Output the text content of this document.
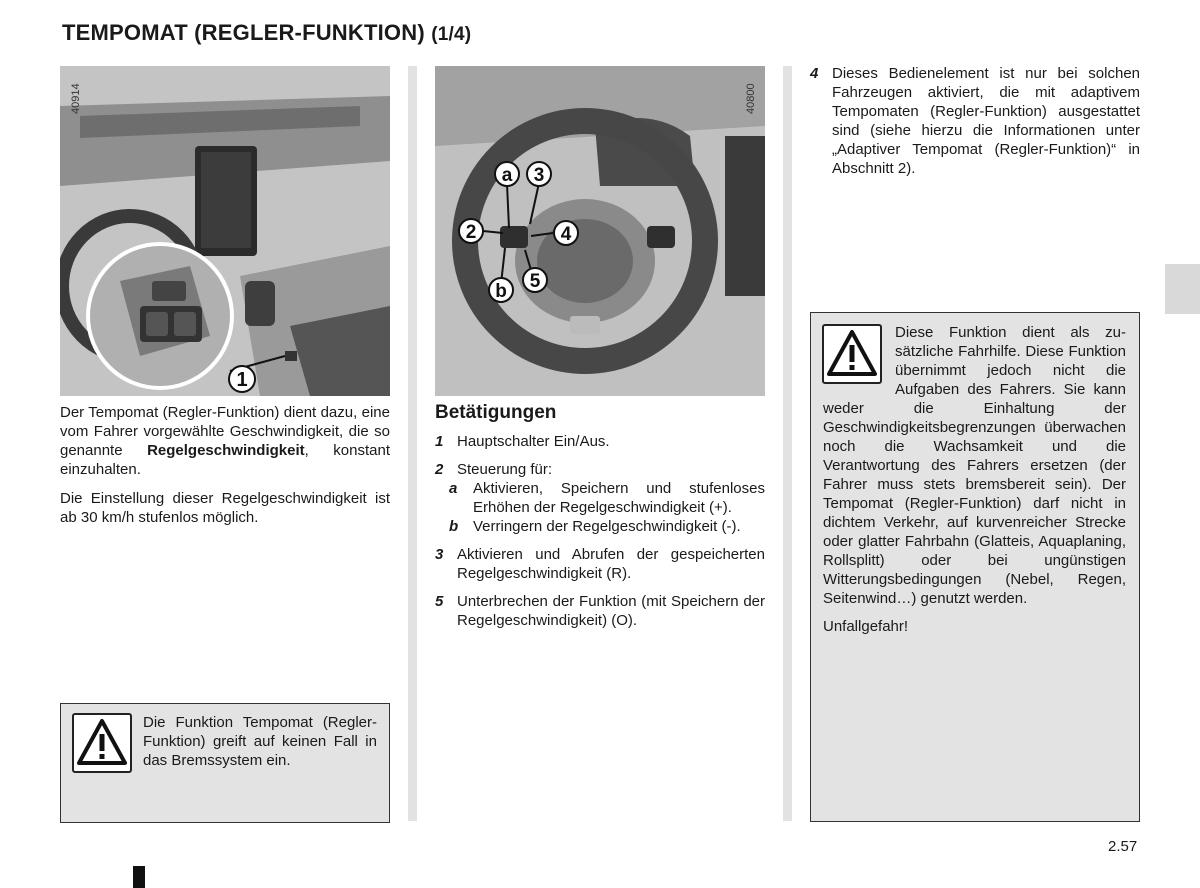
TEMPOMAT (REGLER-FUNKTION) (1/4)
1
40914
a 3
2	4
b 5
40800

Der Tempomat (Regler-Funktion) dient dazu, eine vom Fahrer vorgewählte Geschwindigkeit, die so genannte Regelgeschwindigkeit, konstant einzuhalten.

Die Einstellung dieser Regelgeschwindigkeit ist ab 30 km/h stufenlos möglich.

Die Funktion Tempomat (Regler-Funktion) greift auf keinen Fall in das Bremssystem ein.
Betätigungen
1 Hauptschalter Ein/Aus.
2 Steuerung für:
a Aktivieren, Speichern und stufenloses Erhöhen der Regelgeschwindigkeit (+).
b Verringern der Regelgeschwindigkeit (-).
3 Aktivieren und Abrufen der gespeicherten Regelgeschwindigkeit (R).
5 Unterbrechen der Funktion (mit Speichern der Regelgeschwindigkeit) (O).
4 Dieses Bedienelement ist nur bei solchen Fahrzeugen aktiviert, die mit adaptivem Tempomaten (Regler-Funktion) ausgestattet sind (siehe hierzu die Informationen unter „Adaptiver Tempomat (Regler-Funktion)“ in Abschnitt 2).

Diese Funktion dient als zusätzliche Fahrhilfe. Diese Funktion übernimmt jedoch nicht die Aufgaben des Fahrers. Sie kann weder die Einhaltung der Geschwindigkeitsbegrenzungen überwachen noch die Wachsamkeit und die Verantwortung des Fahrers ersetzen (der Fahrer muss stets bremsbereit sein). Der Tempomat (Regler-Funktion) darf nicht in dichtem Verkehr, auf kurvenreicher Strecke oder glatter Fahrbahn (Glatteis, Aquaplaning, Rollsplitt) oder bei ungünstigen Witterungsbedingungen (Nebel, Regen, Seitenwind…) genutzt werden.

Unfallgefahr!

2.57
